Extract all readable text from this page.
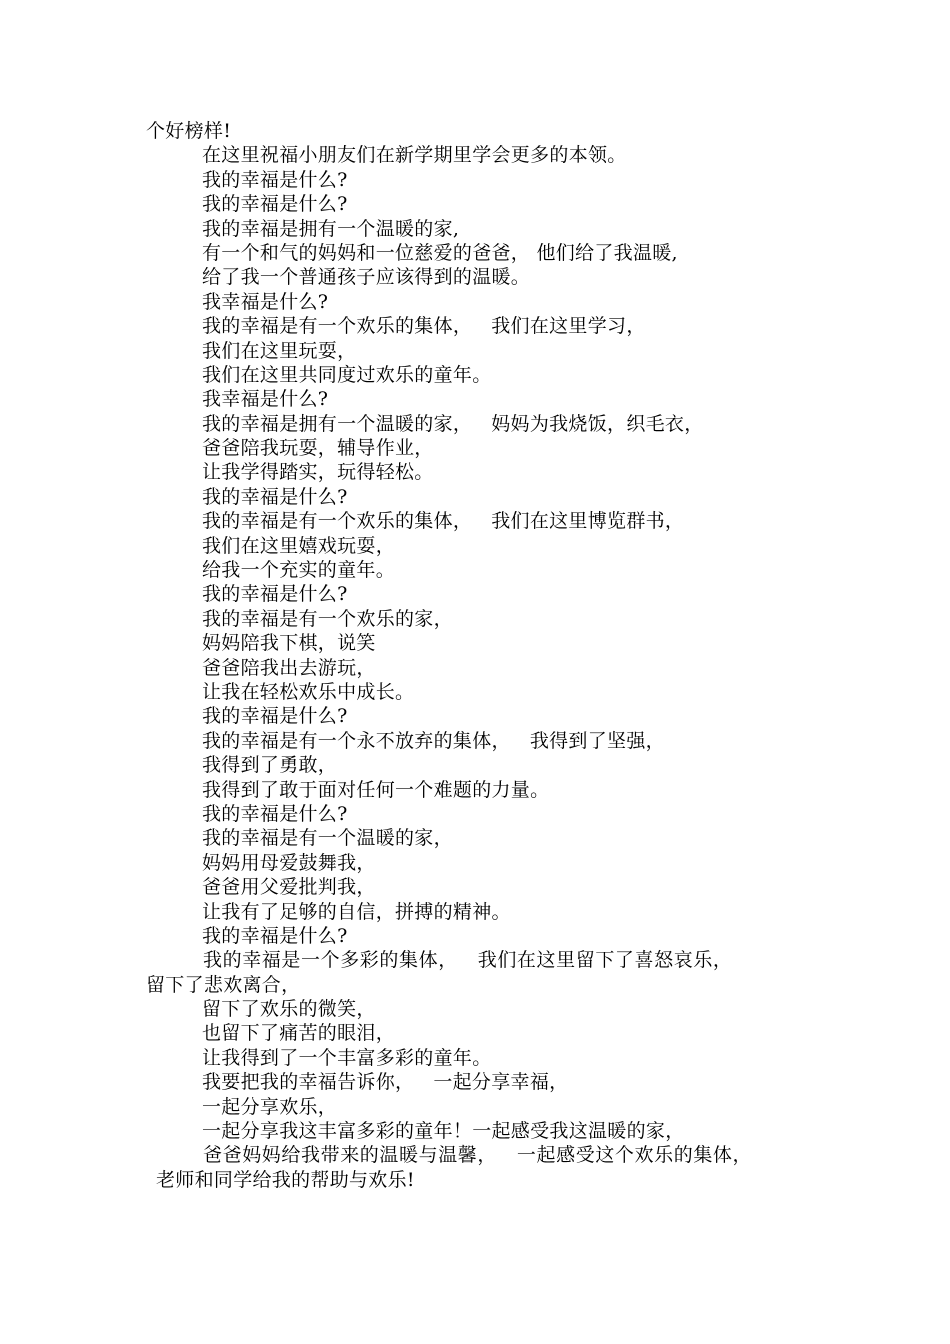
个好榜样!
在这里祝福小朋友们在新学期里学会更多的本领。
我的幸福是什么?
我的幸福是什么?
我的幸福是拥有一个温暖的家,
有一个和气的妈妈和一位慈爱的爸爸， 他们给了我温暖,
给了我一个普通孩子应该得到的温暖。
我幸福是什么?
我的幸福是有一个欢乐的集体，   我们在这里学习，
我们在这里玩耍，
我们在这里共同度过欢乐的童年。
我幸福是什么?
我的幸福是拥有一个温暖的家，   妈妈为我烧饭，织毛衣，
爸爸陪我玩耍，辅导作业，
让我学得踏实，玩得轻松。
我的幸福是什么?
我的幸福是有一个欢乐的集体，   我们在这里博览群书，
我们在这里嬉戏玩耍，
给我一个充实的童年。
我的幸福是什么?
我的幸福是有一个欢乐的家，
妈妈陪我下棋，说笑
爸爸陪我出去游玩，
让我在轻松欢乐中成长。
我的幸福是什么?
我的幸福是有一个永不放弃的集体，   我得到了坚强，
我得到了勇敢，
我得到了敢于面对任何一个难题的力量。
我的幸福是什么?
我的幸福是有一个温暖的家，
妈妈用母爱鼓舞我，
爸爸用父爱批判我，
让我有了足够的自信，拼搏的精神。
我的幸福是什么?
我的幸福是一个多彩的集体，   我们在这里留下了喜怒哀乐，
留下了悲欢离合，
留下了欢乐的微笑，
也留下了痛苦的眼泪，
让我得到了一个丰富多彩的童年。
我要把我的幸福告诉你，   一起分享幸福，
一起分享欢乐，
一起分享我这丰富多彩的童年！一起感受我这温暖的家，
爸爸妈妈给我带来的温暖与温馨，   一起感受这个欢乐的集体，
老师和同学给我的帮助与欢乐!
